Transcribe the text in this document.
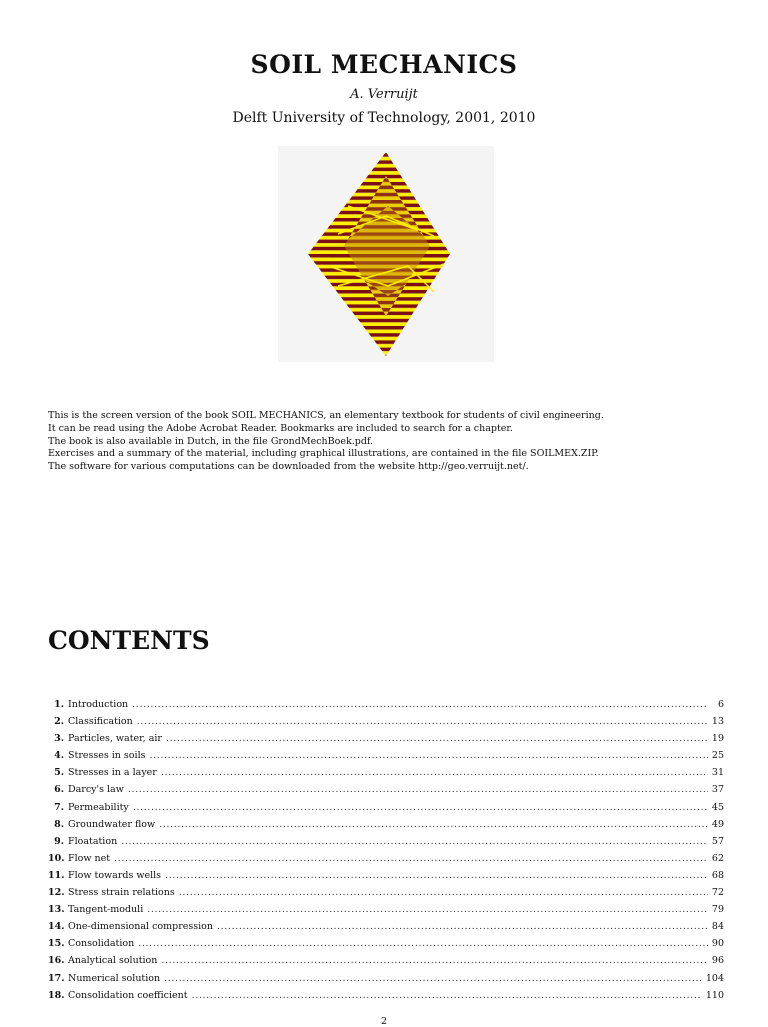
SOIL MECHANICS
A. Verruijt
Delft University of Technology, 2001, 2010
This is the screen version of the book SOIL MECHANICS, an elementary textbook for students of civil engineering.
It can be read using the Adobe Acrobat Reader. Bookmarks are included to search for a chapter.
The book is also available in Dutch, in the file GrondMechBoek.pdf.
Exercises and a summary of the material, including graphical illustrations, are contained in the file SOILMEX.ZIP.
The software for various computations can be downloaded from the website http://geo.verruijt.net/.
CONTENTS
1. Introduction . . .	6
2. Classification . . .	13
3. Particles, water, air . . .	19
4. Stresses in soils . . .	25
5. Stresses in a layer . . .	31
6. Darcy's law . . .	37
7. Permeability . . .	45
8. Groundwater flow . . .	49
9. Floatation . . .	57
10. Flow net . . .	62
11. Flow towards wells . . .	68
12. Stress strain relations . . .	72
13. Tangent-moduli . . .	79
14. One-dimensional compression . . .	84
15. Consolidation . . .	90
16. Analytical solution . . .	96
17. Numerical solution . . .	104
18. Consolidation coefficient . . .	110
2
